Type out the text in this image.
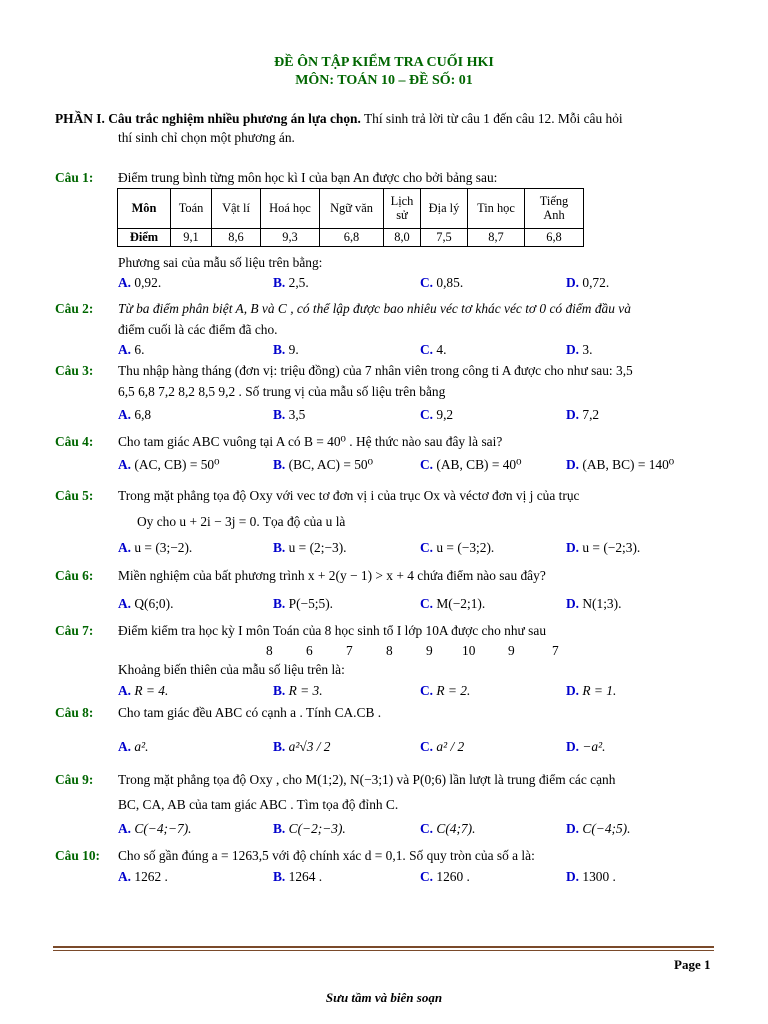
ĐỀ ÔN TẬP KIỂM TRA CUỐI HKI
MÔN: TOÁN 10 – ĐỀ SỐ: 01
PHẦN I. Câu trắc nghiệm nhiều phương án lựa chọn. Thí sinh trả lời từ câu 1 đến câu 12. Mỗi câu hỏi
thí sinh chỉ chọn một phương án.
Câu 1: Điểm trung bình từng môn học kì I của bạn An được cho bởi bảng sau:
Môn	Toán	Vật lí	Hoá học	Ngữ văn	Lịch sử	Địa lý	Tin học	Tiếng Anh
Điểm	9,1	8,6	9,3	6,8	8,0	7,5	8,7	6,8
Phương sai của mẫu số liệu trên bằng:
A. 0,92.	B. 2,5.	C. 0,85.	D. 0,72.
Câu 2: Từ ba điểm phân biệt A, B và C , có thể lập được bao nhiêu véc tơ khác véc tơ 0 có điểm đầu và
điểm cuối là các điểm đã cho.
A. 6.	B. 9.	C. 4.	D. 3.
Câu 3: Thu nhập hàng tháng (đơn vị: triệu đồng) của 7 nhân viên trong công ti A được cho như sau: 3,5
6,5 6,8 7,2 8,2 8,5 9,2 . Số trung vị của mẫu số liệu trên bằng
A. 6,8	B. 3,5	C. 9,2	D. 7,2
Câu 4: Cho tam giác ABC vuông tại A có B = 40⁰ . Hệ thức nào sau đây là sai?
A. (AC, CB) = 50⁰	B. (BC, AC) = 50⁰	C. (AB, CB) = 40⁰	D. (AB, BC) = 140⁰
Câu 5: Trong mặt phẳng tọa độ Oxy với vec tơ đơn vị i của trục Ox và véctơ đơn vị j của trục
Oy cho u + 2i − 3j = 0. Tọa độ của u là
A. u = (3;−2).	B. u = (2;−3).	C. u = (−3;2).	D. u = (−2;3).
Câu 6: Miền nghiệm của bất phương trình x + 2(y − 1) > x + 4 chứa điểm nào sau đây?
A. Q(6;0).	B. P(−5;5).	C. M(−2;1).	D. N(1;3).
Câu 7: Điểm kiểm tra học kỳ I môn Toán của 8 học sinh tổ I lớp 10A được cho như sau
8 6 7 8 9 10 9	7
Khoảng biến thiên của mẫu số liệu trên là:
A. R = 4.	B. R = 3.	C. R = 2.	D. R = 1.
Câu 8: Cho tam giác đều ABC có cạnh a . Tính CA.CB .
A. a².	B. a²√3 / 2	C. a² / 2	D. −a².
Câu 9: Trong mặt phẳng tọa độ Oxy , cho M(1;2), N(−3;1) và P(0;6) lần lượt là trung điểm các cạnh
BC, CA, AB của tam giác ABC . Tìm tọa độ đỉnh C.
A. C(−4;−7).	B. C(−2;−3).	C. C(4;7).	D. C(−4;5).
Câu 10: Cho số gần đúng a = 1263,5 với độ chính xác d = 0,1. Số quy tròn của số a là:
A. 1262 .	B. 1264 .	C. 1260 .	D. 1300 .
Page 1
Sưu tầm và biên soạn
